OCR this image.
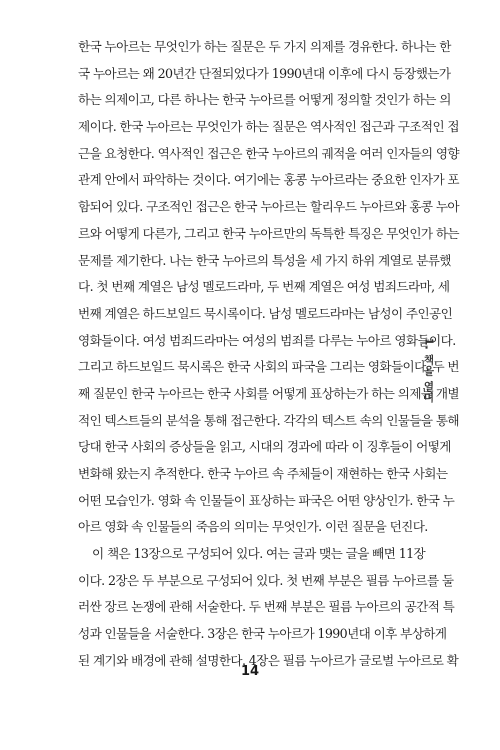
한국 누아르는 무엇인가 하는 질문은 두 가지 의제를 경유한다. 하나는 한
국 누아르는 왜 20년간 단절되었다가 1990년대 이후에 다시 등장했는가
하는 의제이고, 다른 하나는 한국 누아르를 어떻게 정의할 것인가 하는 의
제이다. 한국 누아르는 무엇인가 하는 질문은 역사적인 접근과 구조적인 접
근을 요청한다. 역사적인 접근은 한국 누아르의 궤적을 여러 인자들의 영향
관계 안에서 파악하는 것이다. 여기에는 홍콩 누아르라는 중요한 인자가 포
함되어 있다. 구조적인 접근은 한국 누아르는 할리우드 누아르와 홍콩 누아
르와 어떻게 다른가, 그리고 한국 누아르만의 독특한 특징은 무엇인가 하는
문제를 제기한다. 나는 한국 누아르의 특성을 세 가지 하위 계열로 분류했
다. 첫 번째 계열은 남성 멜로드라마, 두 번째 계열은 여성 범죄드라마, 세
번째 계열은 하드보일드 묵시록이다. 남성 멜로드라마는 남성이 주인공인
영화들이다. 여성 범죄드라마는 여성의 범죄를 다루는 누아르 영화들이다.
그리고 하드보일드 묵시록은 한국 사회의 파국을 그리는 영화들이다. 두 번
째 질문인 한국 누아르는 한국 사회를 어떻게 표상하는가 하는 의제는 개별
적인 텍스트들의 분석을 통해 접근한다. 각각의 텍스트 속의 인물들을 통해
당대 한국 사회의 증상들을 읽고, 시대의 경과에 따라 이 징후들이 어떻게
변화해 왔는지 추적한다. 한국 누아르 속 주체들이 재현하는 한국 사회는
어떤 모습인가. 영화 속 인물들이 표상하는 파국은 어떤 양상인가. 한국 누
아르 영화 속 인물들의 죽음의 의미는 무엇인가. 이런 질문을 던진다.

이 책은 13장으로 구성되어 있다. 여는 글과 맺는 글을 빼면 11장
이다. 2장은 두 부분으로 구성되어 있다. 첫 번째 부분은 필름 누아르를 둘
러싼 장르 논쟁에 관해 서술한다. 두 번째 부분은 필름 누아르의 공간적 특
성과 인물들을 서술한다. 3장은 한국 누아르가 1990년대 이후 부상하게
된 계기와 배경에 관해 설명한다. 4장은 필름 누아르가 글로벌 누아르로 확

1. 책을 열며
14
